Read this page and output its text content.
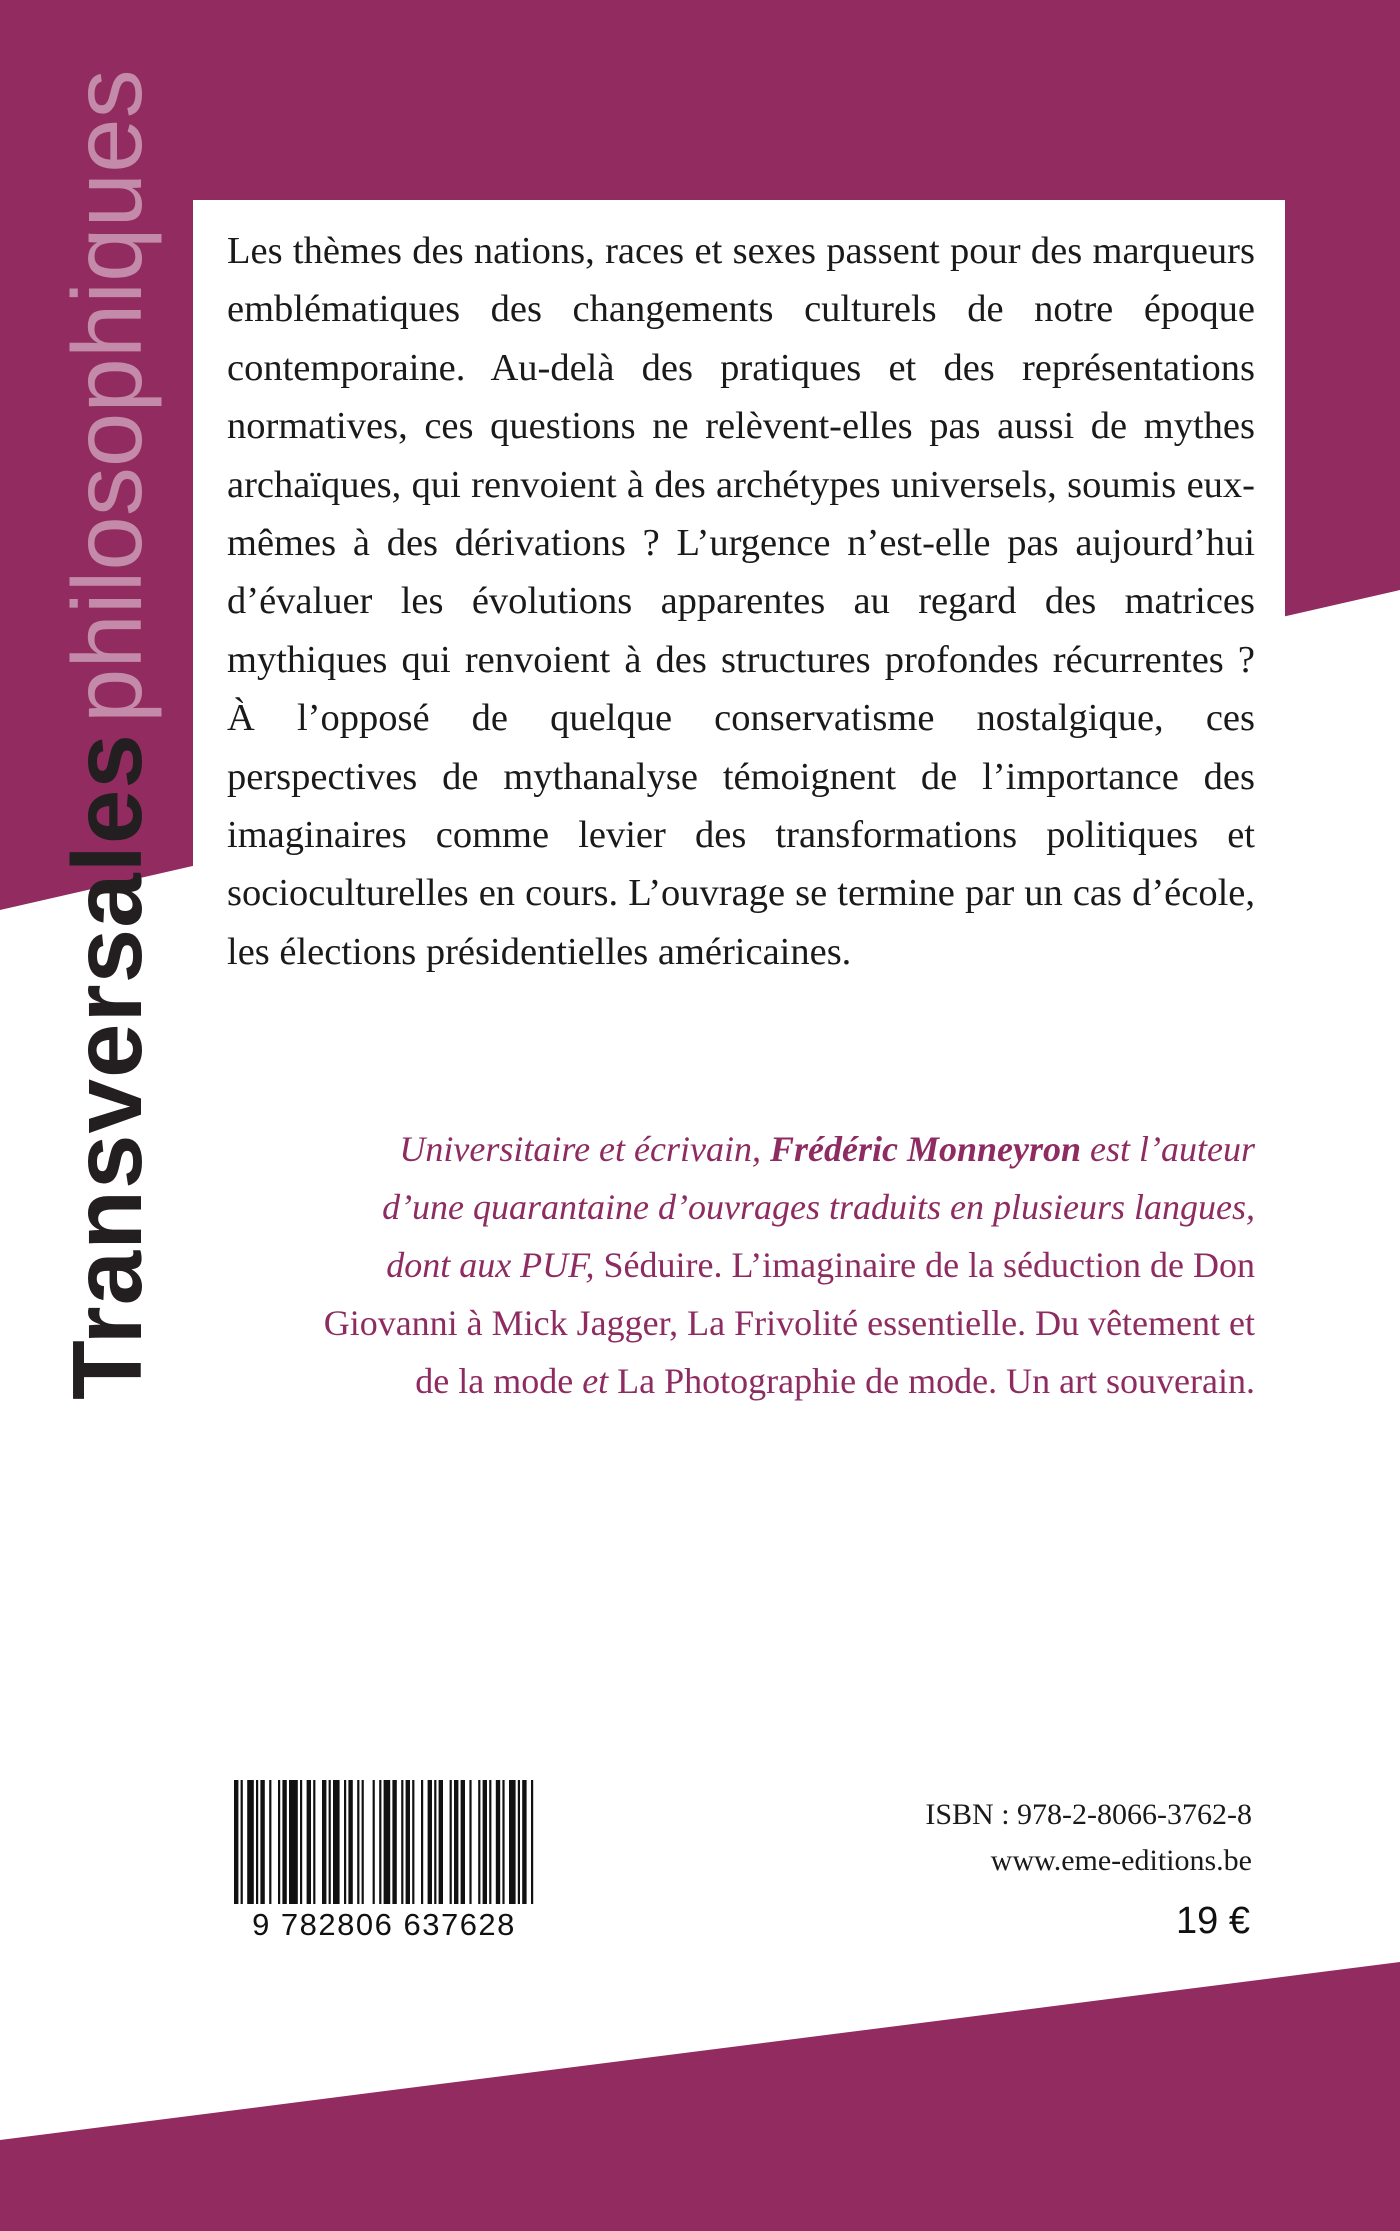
Transversalesphilosophiques	Les thèmes des nations, races et sexes passent pour des marqueurs emblématiques des changements culturels de notre époque contemporaine. Au-delà des pratiques et des représentations normatives, ces questions ne relèvent-elles pas aussi de mythes archaïques, qui renvoient à des archétypes universels, soumis eux-mêmes à des dérivations ? L’urgence n’est-elle pas aujourd’hui d’évaluer les évolutions apparentes au regard des matrices mythiques qui renvoient à des structures profondes récurrentes ? À l’opposé de quelque conservatisme nostalgique, ces perspectives de mythanalyse témoignent de l’importance des imaginaires comme levier des transformations politiques et socioculturelles en cours. L’ouvrage se termine par un cas d’école, les élections présidentielles américaines.

Universitaire et écrivain, Frédéric Monneyron est l’auteur d’une quarantaine d’ouvrages traduits en plusieurs langues, dont aux PUF, Séduire. L’imaginaire de la séduction de Don Giovanni à Mick Jagger, La Frivolité essentielle. Du vêtement et de la mode et La Photographie de mode. Un art souverain.
9 782806 637628
ISBN : 978-2-8066-3762-8
www.eme-editions.be
19 €
